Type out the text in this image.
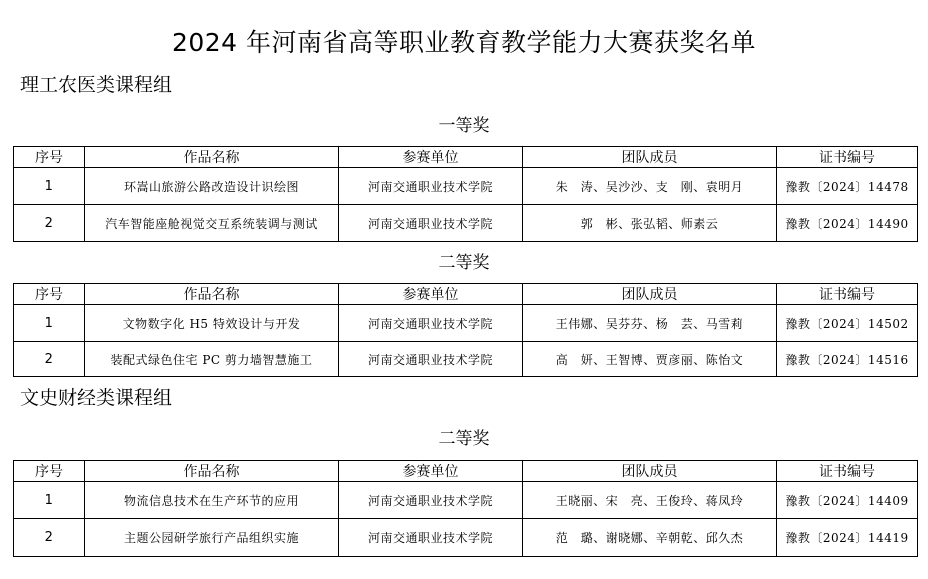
2024 年河南省高等职业教育教学能力大赛获奖名单
理工农医类课程组
一等奖
序号	作品名称	参赛单位	团队成员	证书编号
1	环嵩山旅游公路改造设计识绘图	河南交通职业技术学院	朱　涛、吴沙沙、支　刚、袁明月	豫教〔2024〕14478
2	汽车智能座舱视觉交互系统装调与测试	河南交通职业技术学院	郭　彬、张弘韬、师素云	豫教〔2024〕14490
二等奖
序号	作品名称	参赛单位	团队成员	证书编号
1	文物数字化 H5 特效设计与开发	河南交通职业技术学院	王伟娜、吴芬芬、杨　芸、马雪莉	豫教〔2024〕14502
2	装配式绿色住宅 PC 剪力墙智慧施工	河南交通职业技术学院	高　妍、王智博、贾彦丽、陈怡文	豫教〔2024〕14516
文史财经类课程组
二等奖
序号	作品名称	参赛单位	团队成员	证书编号
1	物流信息技术在生产环节的应用	河南交通职业技术学院	王晓丽、宋　亮、王俊玲、蒋凤玲	豫教〔2024〕14409
2	主题公园研学旅行产品组织实施	河南交通职业技术学院	范　璐、谢晓娜、辛朝乾、邱久杰	豫教〔2024〕14419
